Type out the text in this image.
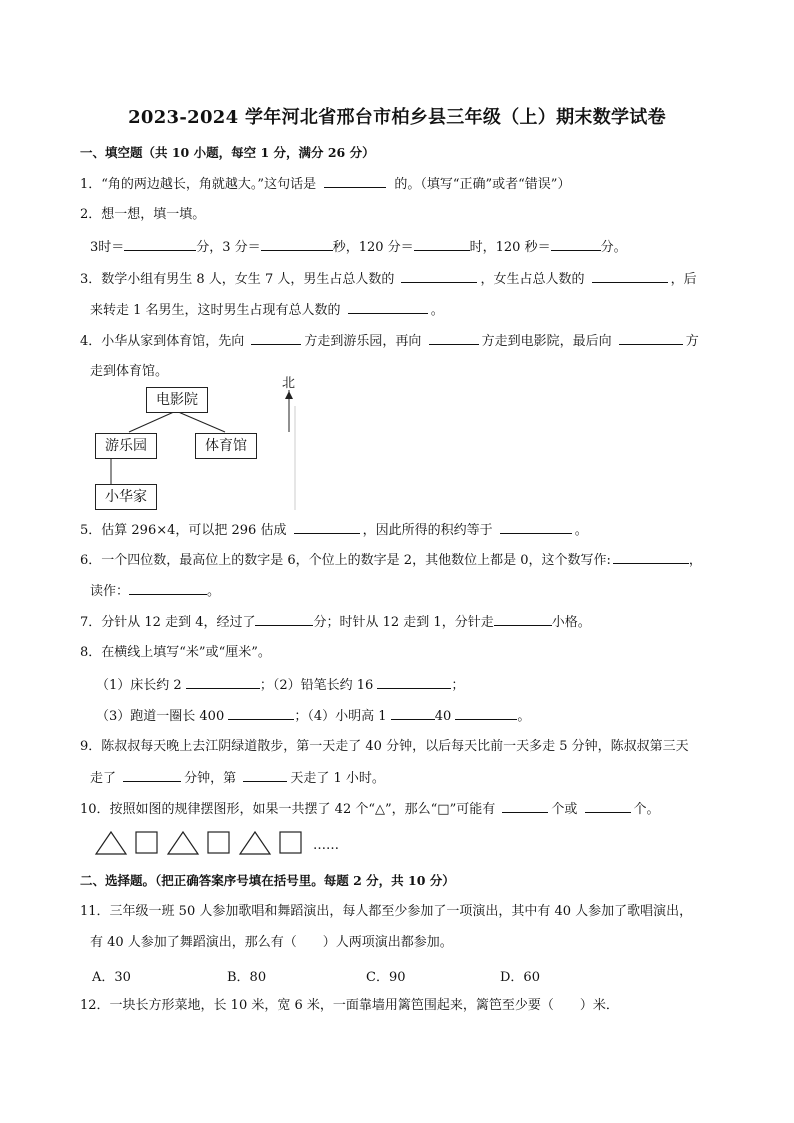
2023-2024 学年河北省邢台市柏乡县三年级（上）期末数学试卷
一、填空题（共 10 小题，每空 1 分，满分 26 分）
1．“角的两边越长，角就越大。”这句话是	的。（填写“正确”或者“错误”）
2．想一想，填一填。
3时＝	分，3 分＝	秒，120 分＝	时，120 秒＝	分。
3．数学小组有男生 8 人，女生 7 人，男生占总人数的	，女生占总人数的	，后
来转走 1 名男生，这时男生占现有总人数的	。
4．小华从家到体育馆，先向	方走到游乐园，再向	方走到电影院，最后向	方
走到体育馆。
电影院
游乐园	体育馆
小华家
北
5．估算 296×4，可以把 296 估成	，因此所得的积约等于	。
6．一个四位数，最高位上的数字是 6，个位上的数字是 2，其他数位上都是 0，这个数写作:	，
读作：	。
7．分针从 12 走到 4，经过了	分；时针从 12 走到 1，分针走	小格。
8．在横线上填写“米”或“厘米”。
（1）床长约 2	；（2）铅笔长约 16	；
（3）跑道一圈长 400	；（4）小明高 1	40	。
9．陈叔叔每天晚上去江阴绿道散步，第一天走了 40 分钟，以后每天比前一天多走 5 分钟，陈叔叔第三天
走了	分钟，第	天走了 1 小时。
10．按照如图的规律摆图形，如果一共摆了 42 个“△”，那么“□”可能有	个或	个。
……
二、选择题。（把正确答案序号填在括号里。每题 2 分，共 10 分）
11．三年级一班 50 人参加歌唱和舞蹈演出，每人都至少参加了一项演出，其中有 40 人参加了歌唱演出，
有 40 人参加了舞蹈演出，那么有（　　）人两项演出都参加。
A．30	B．80	C．90	D．60
12．一块长方形菜地，长 10 米，宽 6 米，一面靠墙用篱笆围起来，篱笆至少要（　　）米．
